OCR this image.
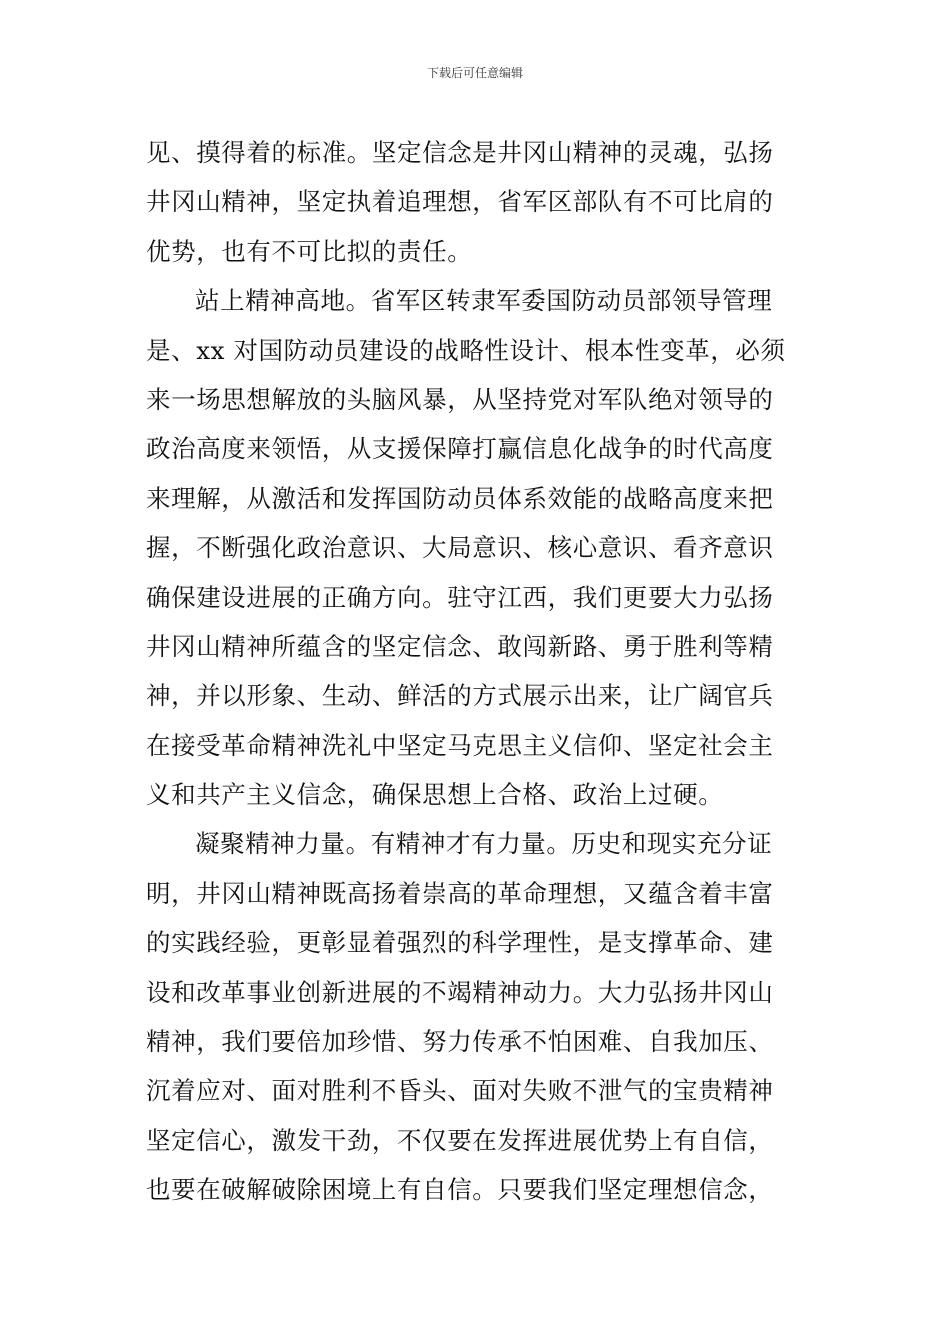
下载后可任意编辑
见、摸得着的标准。坚定信念是井冈山精神的灵魂，弘扬
井冈山精神，坚定执着追理想，省军区部队有不可比肩的
优势，也有不可比拟的责任。
站上精神高地。省军区转隶军委国防动员部领导管理
是、xx 对国防动员建设的战略性设计、根本性变革，必须
来一场思想解放的头脑风暴，从坚持党对军队绝对领导的
政治高度来领悟，从支援保障打赢信息化战争的时代高度
来理解，从激活和发挥国防动员体系效能的战略高度来把
握，不断强化政治意识、大局意识、核心意识、看齐意识
确保建设进展的正确方向。驻守江西，我们更要大力弘扬
井冈山精神所蕴含的坚定信念、敢闯新路、勇于胜利等精
神，并以形象、生动、鲜活的方式展示出来，让广阔官兵
在接受革命精神洗礼中坚定马克思主义信仰、坚定社会主
义和共产主义信念，确保思想上合格、政治上过硬。
凝聚精神力量。有精神才有力量。历史和现实充分证
明，井冈山精神既高扬着崇高的革命理想，又蕴含着丰富
的实践经验，更彰显着强烈的科学理性，是支撑革命、建
设和改革事业创新进展的不竭精神动力。大力弘扬井冈山
精神，我们要倍加珍惜、努力传承不怕困难、自我加压、
沉着应对、面对胜利不昏头、面对失败不泄气的宝贵精神
坚定信心，激发干劲，不仅要在发挥进展优势上有自信，
也要在破解破除困境上有自信。只要我们坚定理想信念，
